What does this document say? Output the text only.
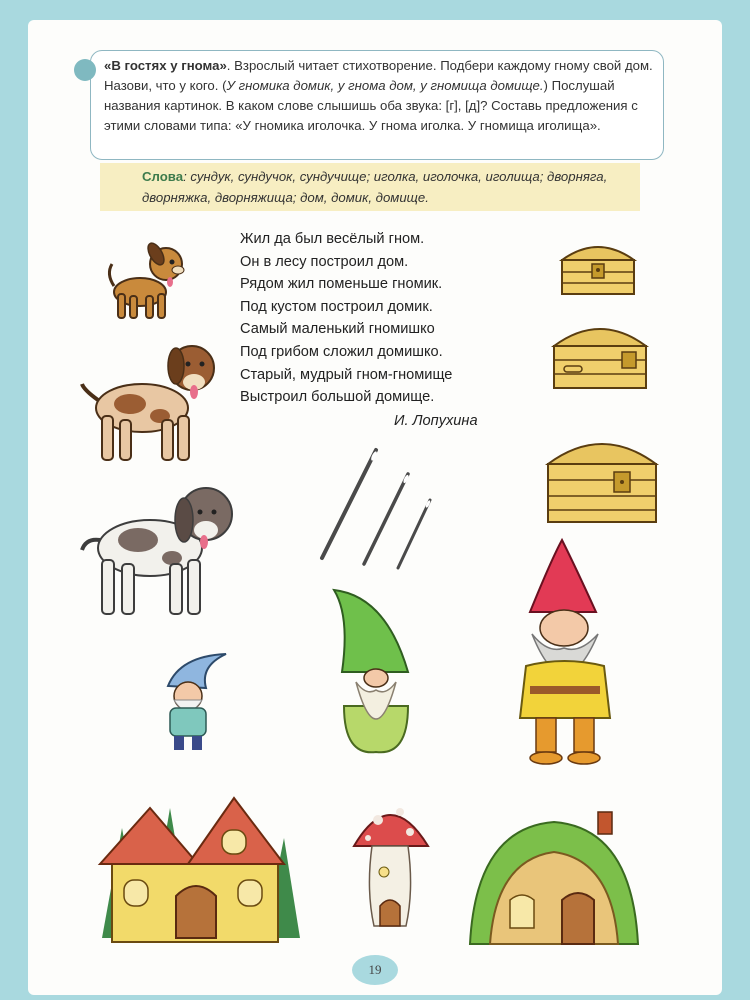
«В гостях у гнома». Взрослый читает стихотворение. Подбери каждому гному свой дом. Назови, что у кого. (У гномика домик, у гнома дом, у гномища домище.) Послушай названия картинок. В каком слове слышишь оба звука: [г], [д]? Составь предложения с этими словами типа: «У гномика иголочка. У гнома иголка. У гномища иголища».
Слова: сундук, сундучок, сундучище; иголка, иголочка, иголища; дворняга, дворняжка, дворняжища; дом, домик, домище.
Жил да был весёлый гном.
Он в лесу построил дом.
Рядом жил поменьше гномик.
Под кустом построил домик.
Самый маленький гномишко
Под грибом сложил домишко.
Старый, мудрый гном-гномище
Выстроил большой домище.
И. Лопухина
19
